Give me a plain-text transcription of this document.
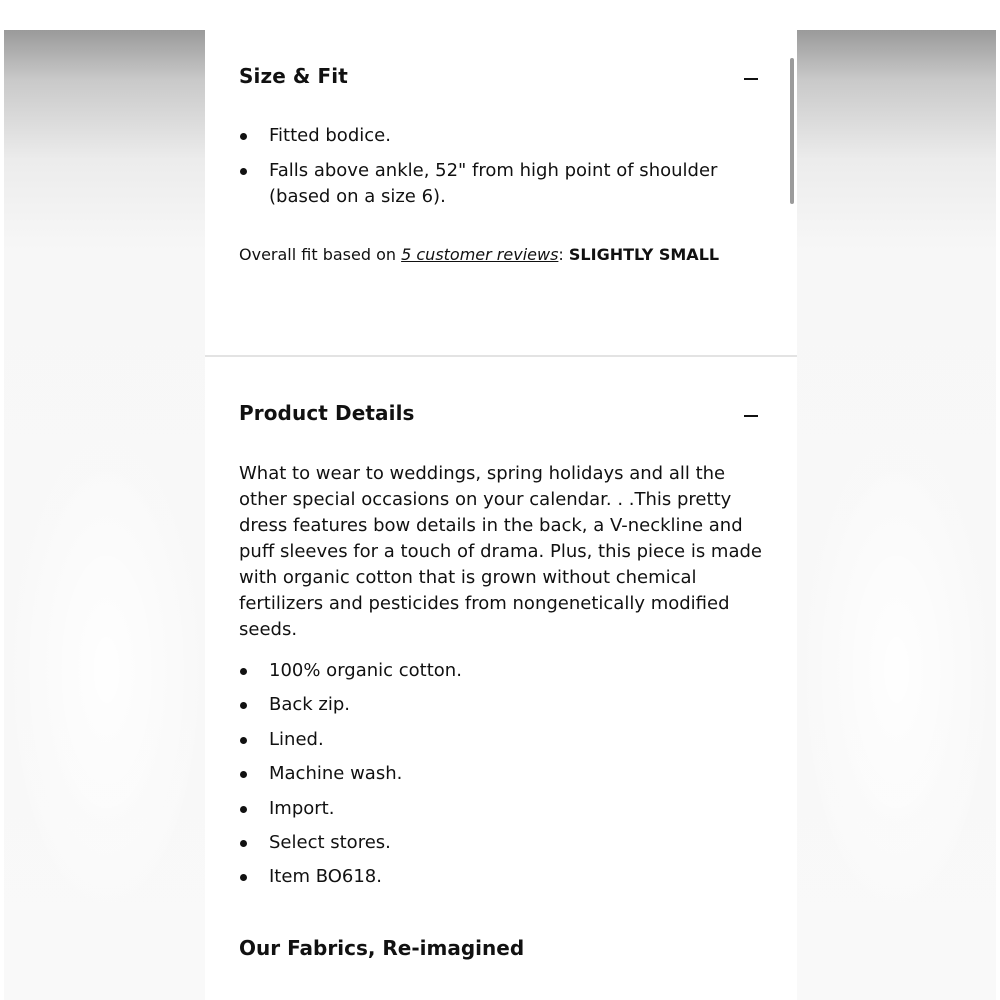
Size & Fit
Fitted bodice.
Falls above ankle, 52" from high point of shoulder (based on a size 6).
Overall fit based on 5 customer reviews: SLIGHTLY SMALL
Product Details

What to wear to weddings, spring holidays and all the other special occasions on your calendar. . .This pretty dress features bow details in the back, a V-neckline and puff sleeves for a touch of drama. Plus, this piece is made with organic cotton that is grown without chemical fertilizers and pesticides from nongenetically modified seeds.

100% organic cotton.
Back zip.
Lined.
Machine wash.
Import.
Select stores.
Item BO618.
Our Fabrics, Re-imagined
